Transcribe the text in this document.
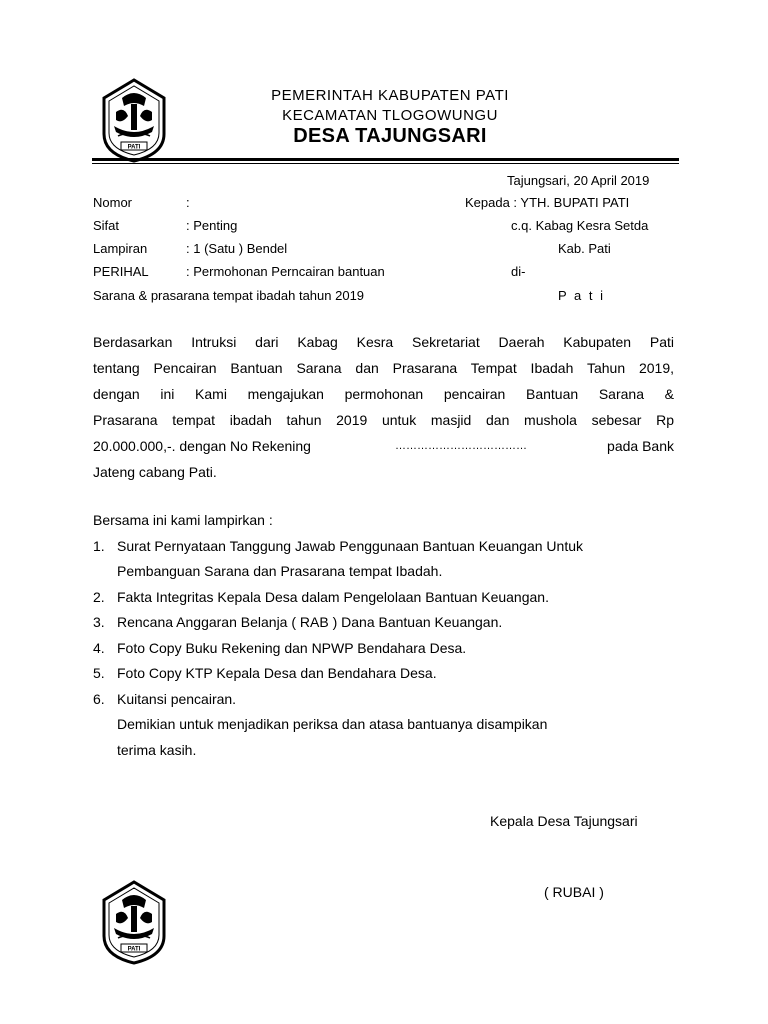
PATI
PEMERINTAH KABUPATEN PATI
KECAMATAN TLOGOWUNGU
DESA TAJUNGSARI
Tajungsari, 20 April 2019
Nomor	:
Sifat	: Penting
Lampiran	: 1 (Satu ) Bendel
PERIHAL	: Permohonan Perncairan bantuan
Sarana & prasarana tempat ibadah tahun 2019
Kepada : YTH. BUPATI PATI
c.q. Kabag Kesra Setda
Kab. Pati
di-
P a t i
Berdasarkan Intruksi dari Kabag Kesra Sekretariat Daerah Kabupaten Pati
tentang Pencairan Bantuan Sarana dan Prasarana Tempat Ibadah Tahun 2019,
dengan ini Kami mengajukan permohonan pencairan Bantuan Sarana &
Prasarana tempat ibadah tahun 2019 untuk masjid dan mushola sebesar Rp
20.000.000,-. dengan No Rekening	………………………………	pada Bank
Jateng cabang Pati.
Bersama ini kami lampirkan :
1. Surat Pernyataan Tanggung Jawab Penggunaan Bantuan Keuangan Untuk
Pembanguan Sarana dan Prasarana tempat Ibadah.
2. Fakta Integritas Kepala Desa dalam Pengelolaan Bantuan Keuangan.
3. Rencana Anggaran Belanja ( RAB ) Dana Bantuan Keuangan.
4. Foto Copy Buku Rekening dan NPWP Bendahara Desa.
5. Foto Copy KTP Kepala Desa dan Bendahara Desa.
6. Kuitansi pencairan.
Demikian untuk menjadikan periksa dan atasa bantuanya disampikan
terima kasih.
Kepala Desa Tajungsari
( RUBAI )
PATI
